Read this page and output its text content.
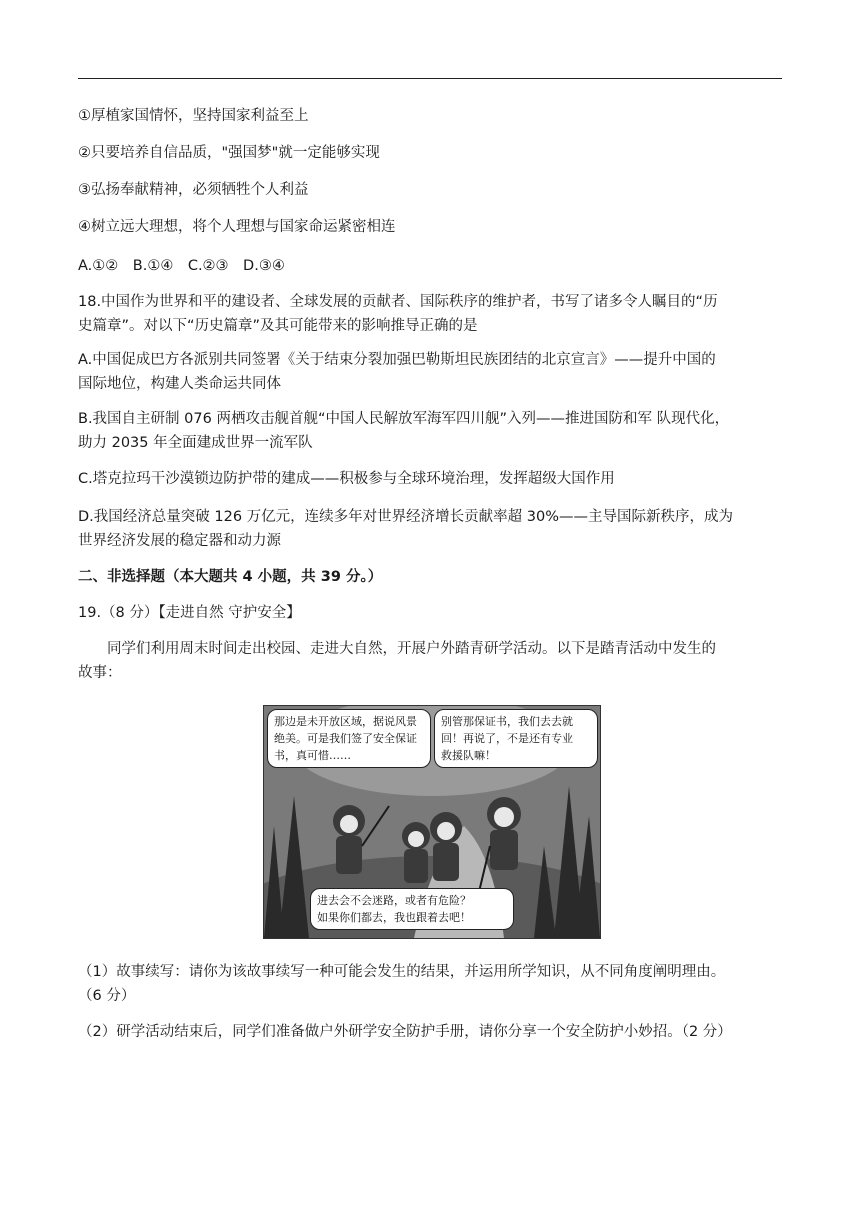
①厚植家国情怀，坚持国家利益至上
②只要培养自信品质，"强国梦"就一定能够实现
③弘扬奉献精神，必须牺牲个人利益
④树立远大理想，将个人理想与国家命运紧密相连
A.①②　B.①④　C.②③　D.③④
18.中国作为世界和平的建设者、全球发展的贡献者、国际秩序的维护者，书写了诸多令人瞩目的“历
史篇章”。对以下“历史篇章”及其可能带来的影响推导正确的是
A.中国促成巴方各派别共同签署《关于结束分裂加强巴勒斯坦民族团结的北京宣言》——提升中国的
国际地位，构建人类命运共同体
B.我国自主研制 076 两栖攻击舰首舰“中国人民解放军海军四川舰”入列——推进国防和军 队现代化，
助力 2035 年全面建成世界一流军队
C.塔克拉玛干沙漠锁边防护带的建成——积极参与全球环境治理，发挥超级大国作用
D.我国经济总量突破 126 万亿元，连续多年对世界经济增长贡献率超 30%——主导国际新秩序，成为
世界经济发展的稳定器和动力源
二、非选择题（本大题共 4 小题，共 39 分。）
19.（8 分）【走进自然 守护安全】
同学们利用周末时间走出校园、走进大自然，开展户外踏青研学活动。以下是踏青活动中发生的
故事：
那边是未开放区域，据说风景
绝美。可是我们签了安全保证
书，真可惜……
别管那保证书，我们去去就
回！再说了，不是还有专业
救援队嘛！
进去会不会迷路，或者有危险？
如果你们都去，我也跟着去吧！
（1）故事续写：请你为该故事续写一种可能会发生的结果，并运用所学知识，从不同角度阐明理由。
（6 分）
（2）研学活动结束后，同学们准备做户外研学安全防护手册，请你分享一个安全防护小妙招。（2 分）
